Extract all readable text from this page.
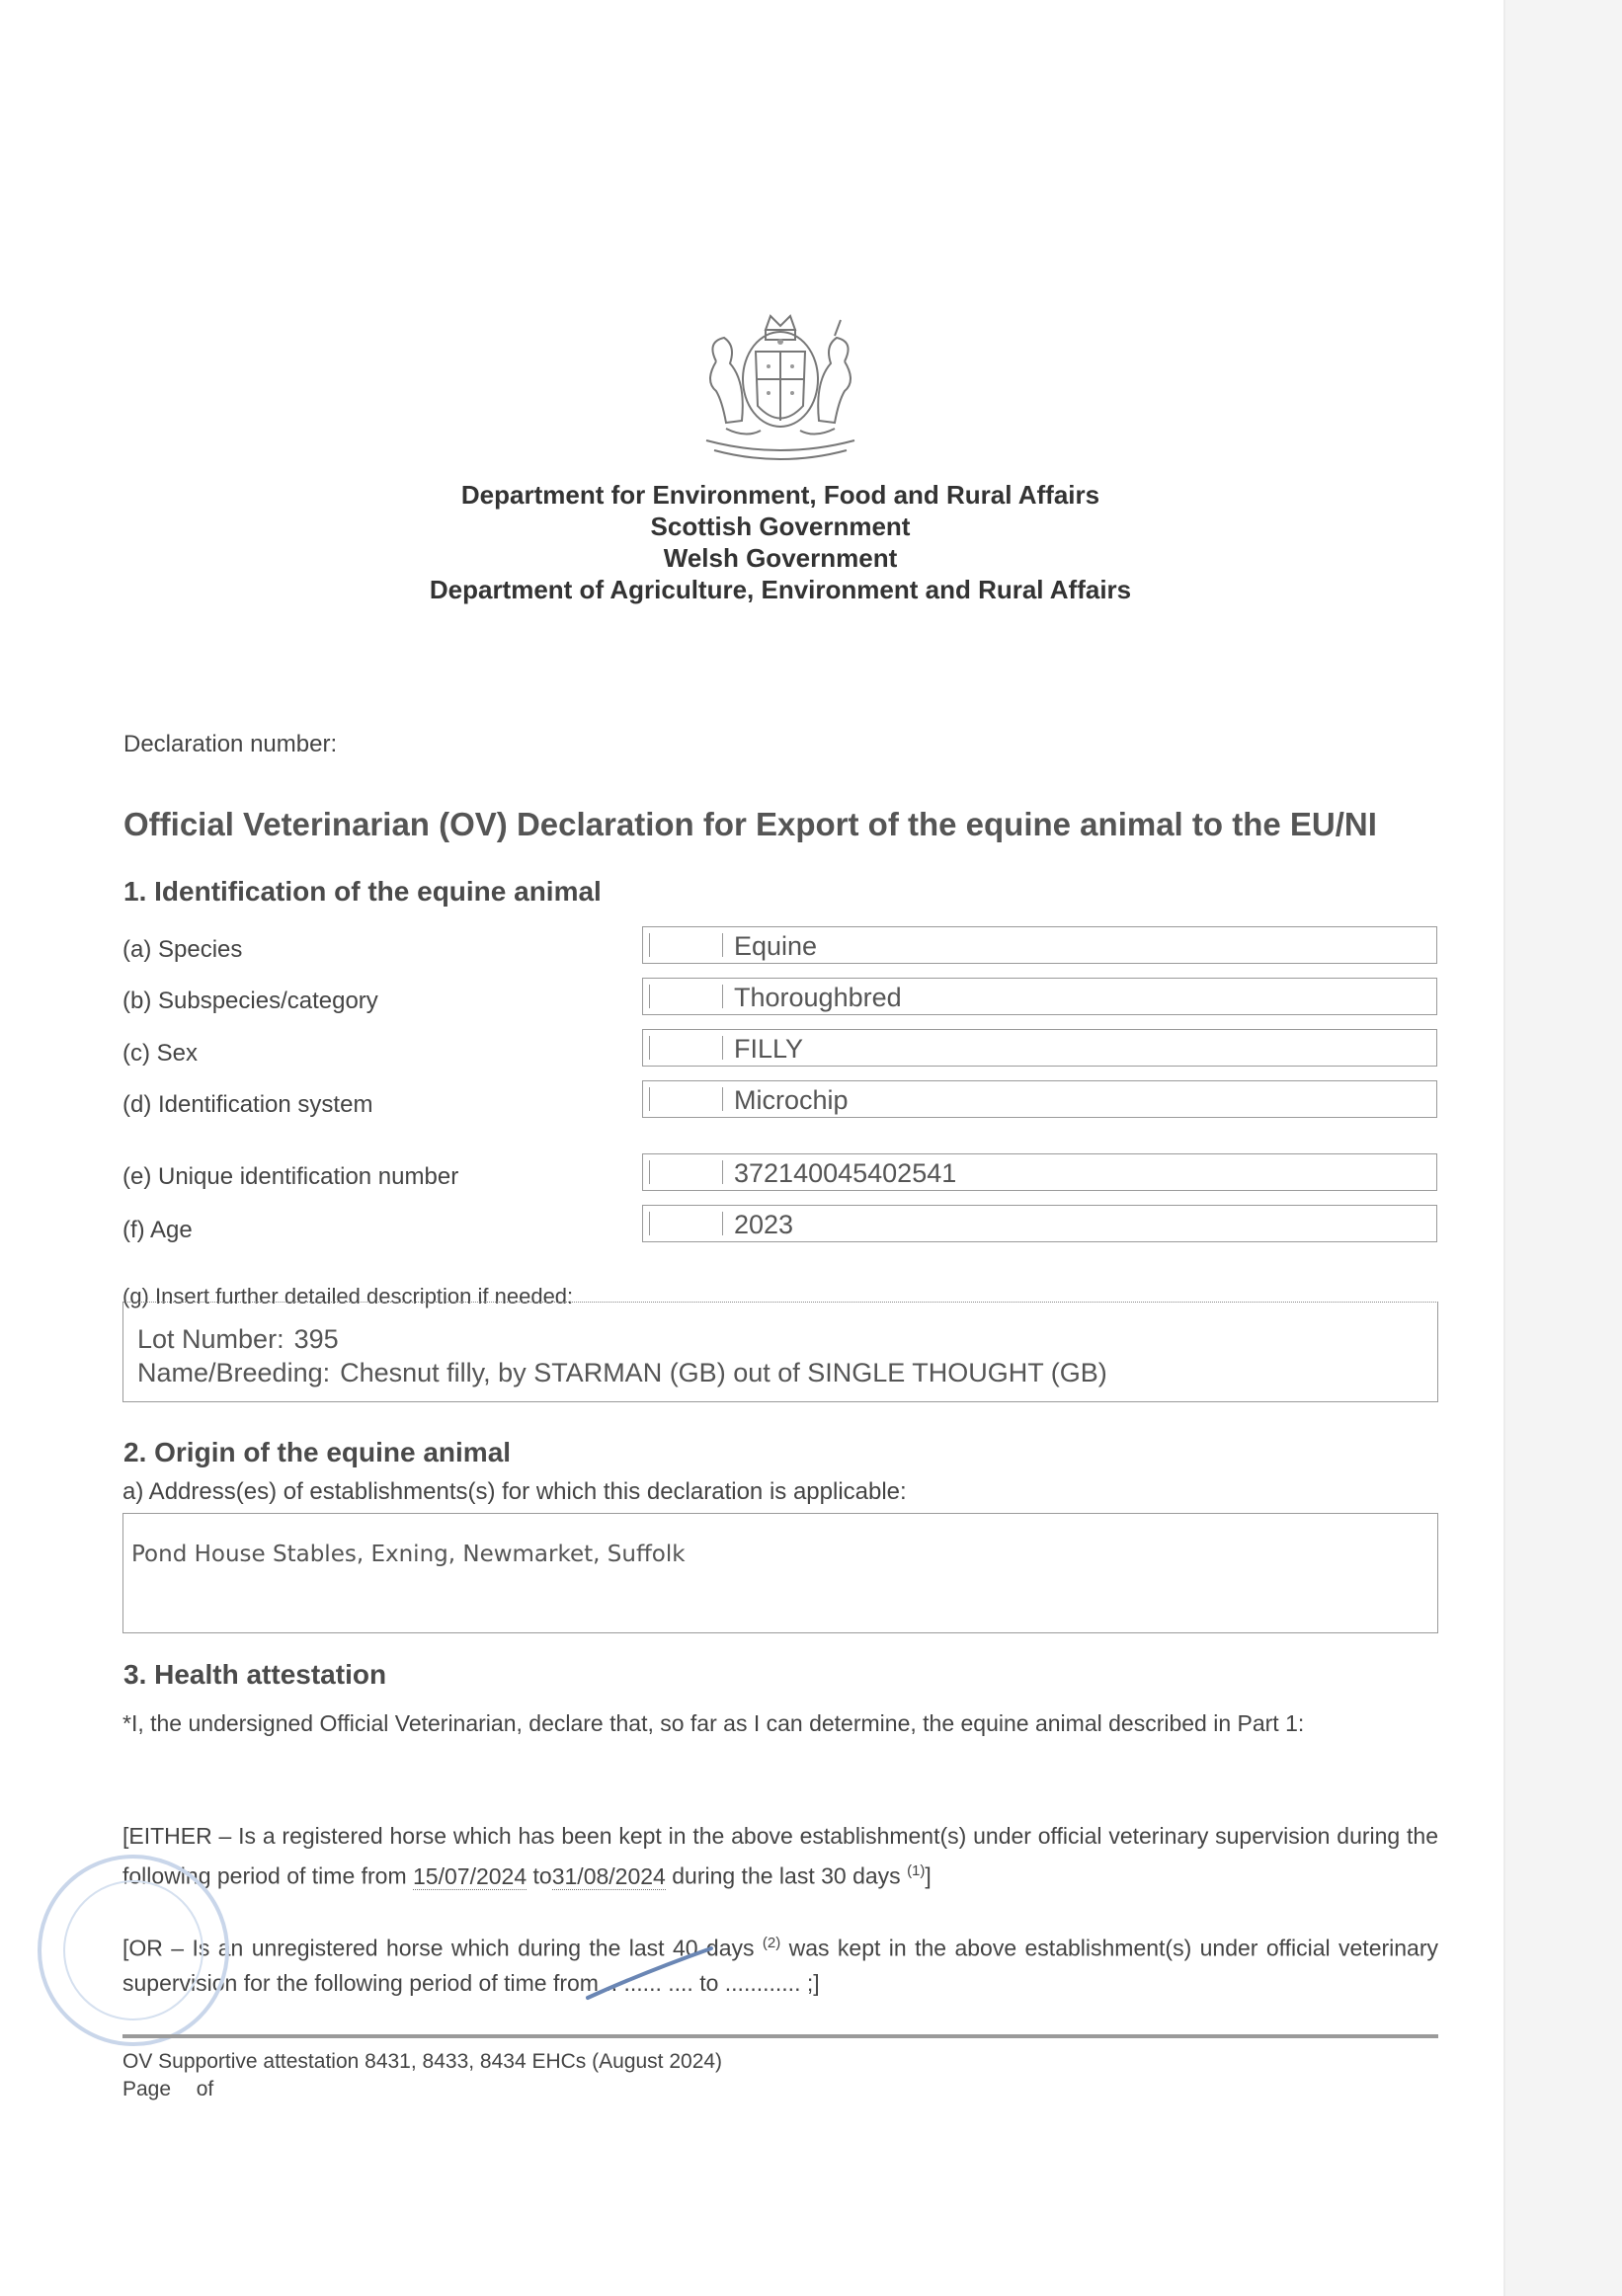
Department for Environment, Food and Rural Affairs
Scottish Government
Welsh Government
Department of Agriculture, Environment and Rural Affairs
Declaration number:
Official Veterinarian (OV) Declaration for Export of the equine animal to the EU/NI
1. Identification of the equine animal
(a) Species	Equine
(b) Subspecies/category	Thoroughbred
(c) Sex	FILLY
(d) Identification system	Microchip
(e) Unique identification number	372140045402541
(f) Age	2023
(g) Insert further detailed description if needed:
Lot Number: 395
Name/Breeding: Chesnut filly, by STARMAN (GB) out of SINGLE THOUGHT (GB)
2. Origin of the equine animal
a) Address(es) of establishments(s) for which this declaration is applicable:
Pond House Stables, Exning, Newmarket, Suffolk
3. Health attestation
*I, the undersigned Official Veterinarian, declare that, so far as I can determine, the equine animal described in Part 1:
[EITHER – Is a registered horse which has been kept in the above establishment(s) under official veterinary supervision during the following period of time from 15/07/2024 to31/08/2024 during the last 30 days $^{(1)}$]
[OR – Is an unregistered horse which during the last 40 days $^{(2)}$ was kept in the above establishment(s) under official veterinary supervision for the following period of time from .. ...... .... to ............ ;]
OV Supportive attestation 8431, 8433, 8434 EHCs (August 2024)
Page of
